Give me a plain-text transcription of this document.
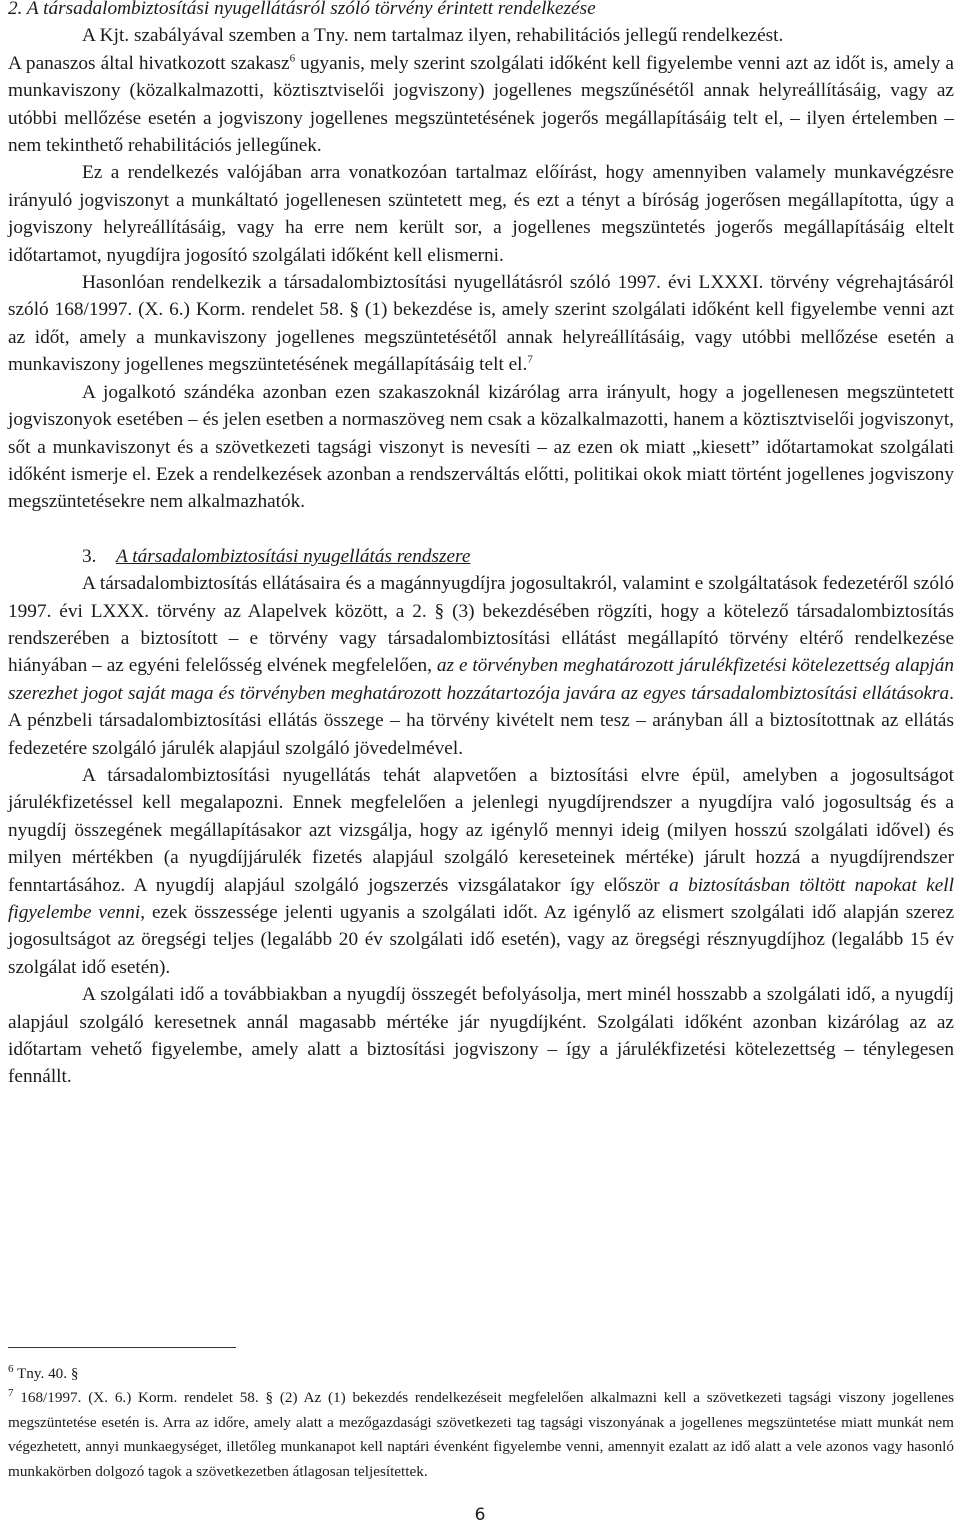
2. A társadalombiztosítási nyugellátásról szóló törvény érintett rendelkezése

A Kjt. szabályával szemben a Tny. nem tartalmaz ilyen, rehabilitációs jellegű rendelkezést.

A panaszos által hivatkozott szakasz$^6$ ugyanis, mely szerint szolgálati időként kell figyelembe venni azt az időt is, amely a munkaviszony (közalkalmazotti, köztisztviselői jogviszony) jogellenes megszűnésétől annak helyreállításáig, vagy az utóbbi mellőzése esetén a jogviszony jogellenes megszüntetésének jogerős megállapításáig telt el, – ilyen értelemben – nem tekinthető rehabilitációs jellegűnek.

Ez a rendelkezés valójában arra vonatkozóan tartalmaz előírást, hogy amennyiben valamely munkavégzésre irányuló jogviszonyt a munkáltató jogellenesen szüntetett meg, és ezt a tényt a bíróság jogerősen megállapította, úgy a jogviszony helyreállításáig, vagy ha erre nem került sor, a jogellenes megszüntetés jogerős megállapításáig eltelt időtartamot, nyugdíjra jogosító szolgálati időként kell elismerni.

Hasonlóan rendelkezik a társadalombiztosítási nyugellátásról szóló 1997. évi LXXXI. törvény végrehajtásáról szóló 168/1997. (X. 6.) Korm. rendelet 58. § (1) bekezdése is, amely szerint szolgálati időként kell figyelembe venni azt az időt, amely a munkaviszony jogellenes megszüntetésétől annak helyreállításáig, vagy utóbbi mellőzése esetén a munkaviszony jogellenes megszüntetésének megállapításáig telt el.$^7$

A jogalkotó szándéka azonban ezen szakaszoknál kizárólag arra irányult, hogy a jogellenesen megszüntetett jogviszonyok esetében – és jelen esetben a normaszöveg nem csak a közalkalmazotti, hanem a köztisztviselői jogviszonyt, sőt a munkaviszonyt és a szövetkezeti tagsági viszonyt is nevesíti – az ezen ok miatt „kiesett” időtartamokat szolgálati időként ismerje el. Ezek a rendelkezések azonban a rendszerváltás előtti, politikai okok miatt történt jogellenes jogviszony megszüntetésekre nem alkalmazhatók.

3. A társadalombiztosítási nyugellátás rendszere

A társadalombiztosítás ellátásaira és a magánnyugdíjra jogosultakról, valamint e szolgáltatások fedezetéről szóló 1997. évi LXXX. törvény az Alapelvek között, a 2. § (3) bekezdésében rögzíti, hogy a kötelező társadalombiztosítás rendszerében a biztosított – e törvény vagy társadalombiztosítási ellátást megállapító törvény eltérő rendelkezése hiányában – az egyéni felelősség elvének megfelelően, az e törvényben meghatározott járulékfizetési kötelezettség alapján szerezhet jogot saját maga és törvényben meghatározott hozzátartozója javára az egyes társadalombiztosítási ellátásokra. A pénzbeli társadalombiztosítási ellátás összege – ha törvény kivételt nem tesz – arányban áll a biztosítottnak az ellátás fedezetére szolgáló járulék alapjául szolgáló jövedelmével.

A társadalombiztosítási nyugellátás tehát alapvetően a biztosítási elvre épül, amelyben a jogosultságot járulékfizetéssel kell megalapozni. Ennek megfelelően a jelenlegi nyugdíjrendszer a nyugdíjra való jogosultság és a nyugdíj összegének megállapításakor azt vizsgálja, hogy az igénylő mennyi ideig (milyen hosszú szolgálati idővel) és milyen mértékben (a nyugdíjjárulék fizetés alapjául szolgáló kereseteinek mértéke) járult hozzá a nyugdíjrendszer fenntartásához. A nyugdíj alapjául szolgáló jogszerzés vizsgálatakor így először a biztosításban töltött napokat kell figyelembe venni, ezek összessége jelenti ugyanis a szolgálati időt. Az igénylő az elismert szolgálati idő alapján szerez jogosultságot az öregségi teljes (legalább 20 év szolgálati idő esetén), vagy az öregségi résznyugdíjhoz (legalább 15 év szolgálat idő esetén).

A szolgálati idő a továbbiakban a nyugdíj összegét befolyásolja, mert minél hosszabb a szolgálati idő, a nyugdíj alapjául szolgáló keresetnek annál magasabb mértéke jár nyugdíjként. Szolgálati időként azonban kizárólag az az időtartam vehető figyelembe, amely alatt a biztosítási jogviszony – így a járulékfizetési kötelezettség – ténylegesen fennállt.

$^6$ Tny. 40. §

$^7$ 168/1997. (X. 6.) Korm. rendelet 58. § (2) Az (1) bekezdés rendelkezéseit megfelelően alkalmazni kell a szövetkezeti tagsági viszony jogellenes megszüntetése esetén is. Arra az időre, amely alatt a mezőgazdasági szövetkezeti tag tagsági viszonyának a jogellenes megszüntetése miatt munkát nem végezhetett, annyi munkaegységet, illetőleg munkanapot kell naptári évenként figyelembe venni, amennyit ezalatt az idő alatt a vele azonos vagy hasonló munkakörben dolgozó tagok a szövetkezetben átlagosan teljesítettek.

6
